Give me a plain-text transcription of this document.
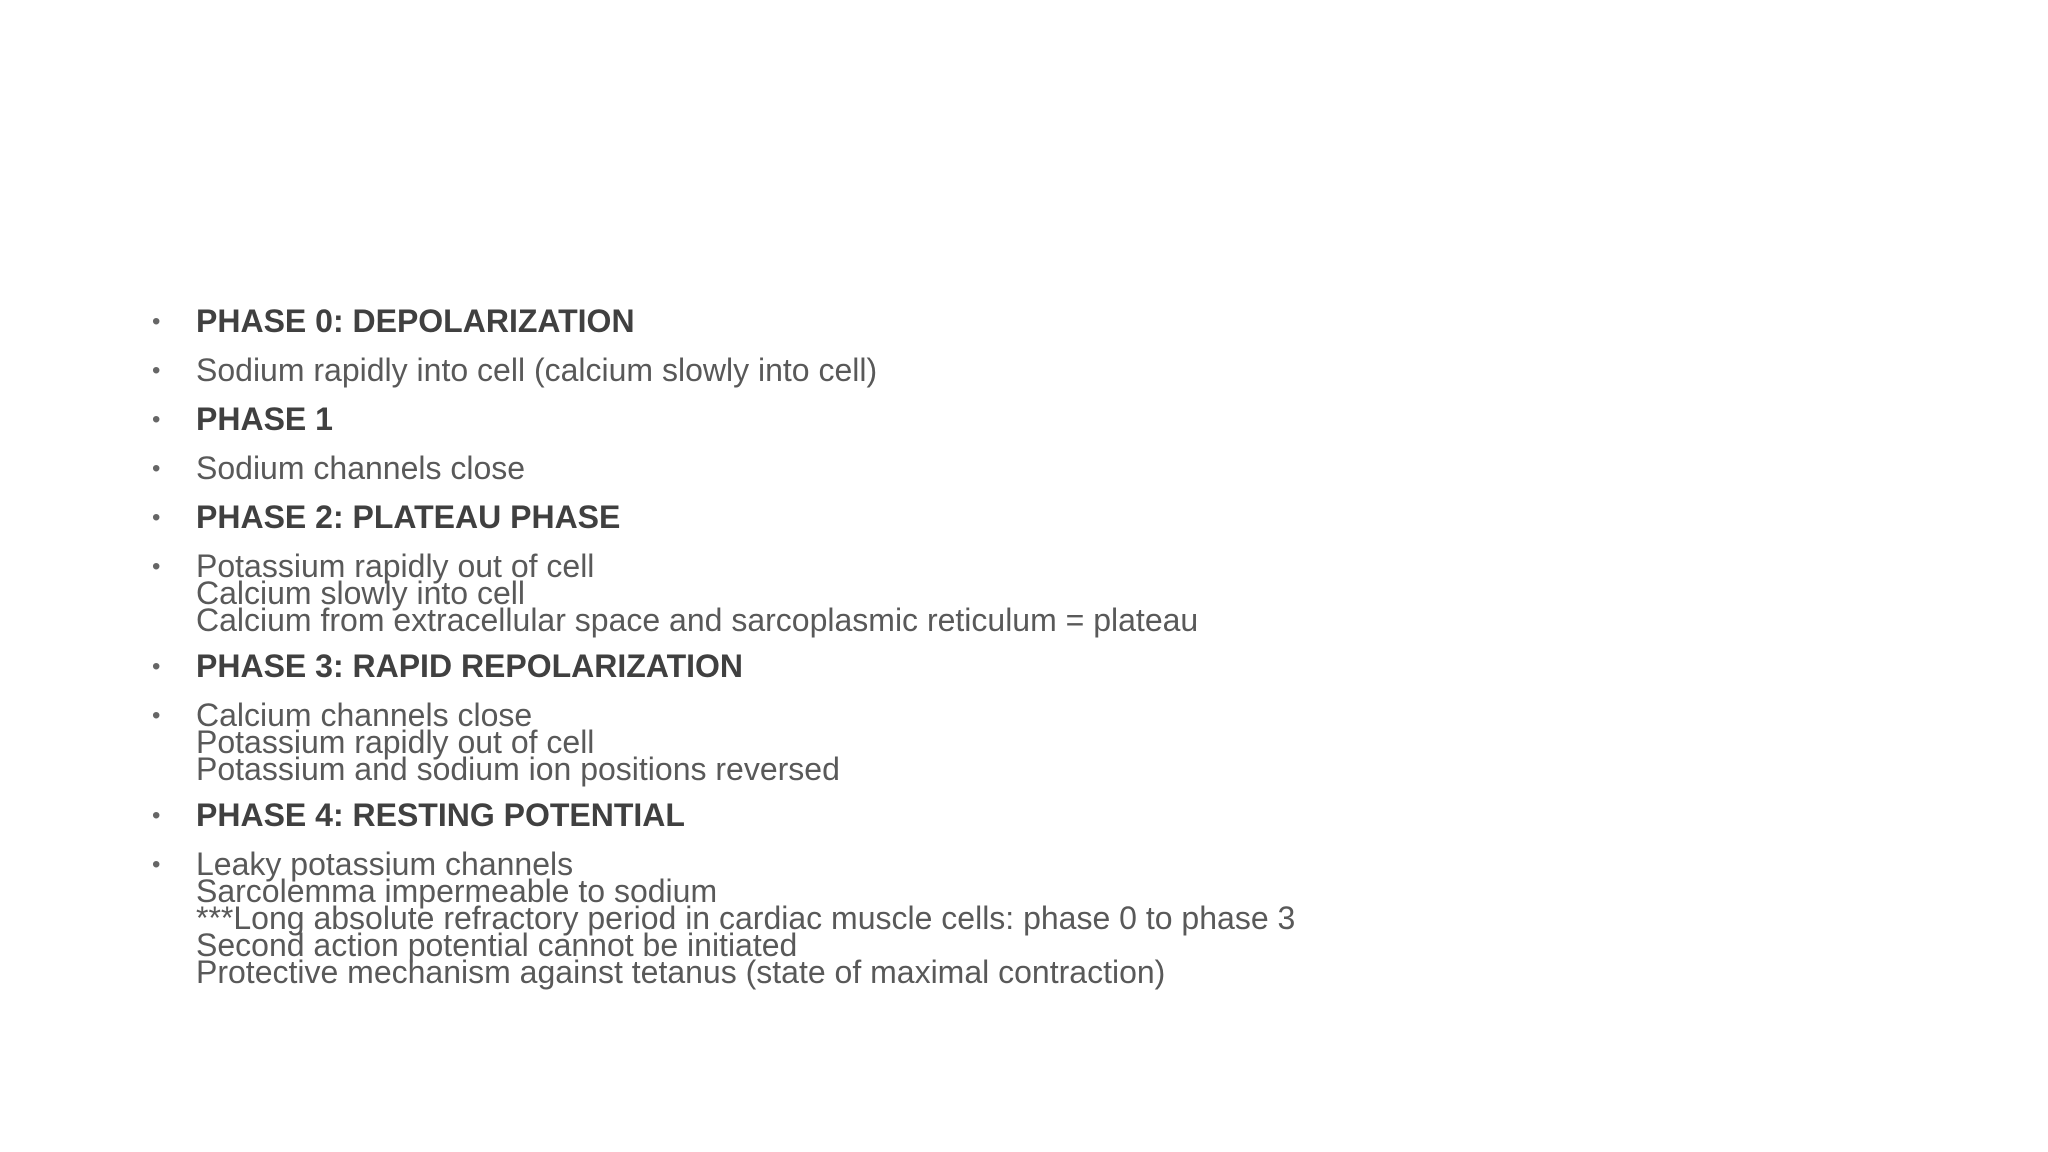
•	PHASE 0: DEPOLARIZATION
•	Sodium rapidly into cell (calcium slowly into cell)
•	PHASE 1
•	Sodium channels close
•	PHASE 2: PLATEAU PHASE
•	Potassium rapidly out of cell
Calcium slowly into cell
Calcium from extracellular space and sarcoplasmic reticulum = plateau
•	PHASE 3: RAPID REPOLARIZATION
•	Calcium channels close
Potassium rapidly out of cell
Potassium and sodium ion positions reversed
•	PHASE 4: RESTING POTENTIAL
•	Leaky potassium channels
Sarcolemma impermeable to sodium
***Long absolute refractory period in cardiac muscle cells: phase 0 to phase 3
Second action potential cannot be initiated
Protective mechanism against tetanus (state of maximal contraction)
